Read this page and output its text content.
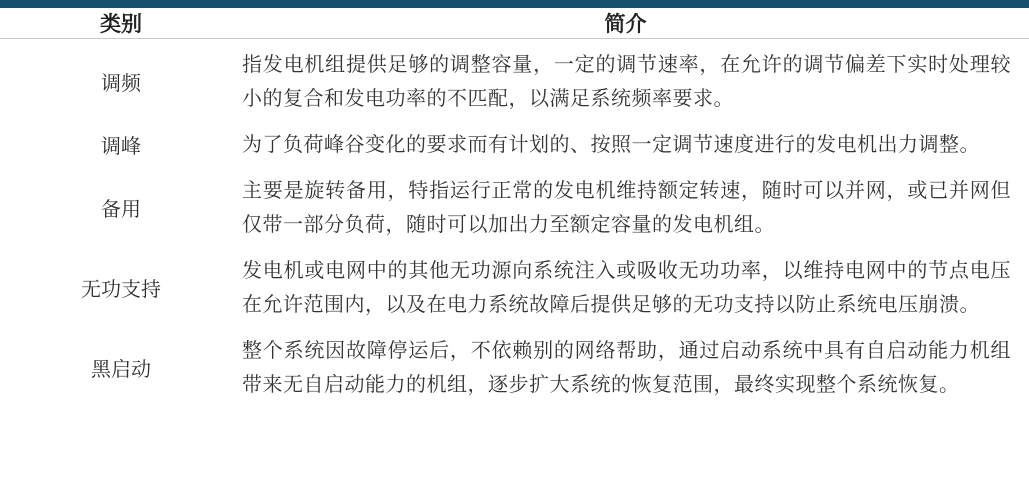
类别	简介
调频
指发电机组提供足够的调整容量，一定的调节速率，在允许的调节偏差下实时处理较小的复合和发电功率的不匹配，以满足系统频率要求。
调峰	为了负荷峰谷变化的要求而有计划的、按照一定调节速度进行的发电机出力调整。
备用
主要是旋转备用，特指运行正常的发电机维持额定转速，随时可以并网，或已并网但仅带一部分负荷，随时可以加出力至额定容量的发电机组。
无功支持
发电机或电网中的其他无功源向系统注入或吸收无功功率，以维持电网中的节点电压在允许范围内，以及在电力系统故障后提供足够的无功支持以防止系统电压崩溃。
黑启动
整个系统因故障停运后，不依赖别的网络帮助，通过启动系统中具有自启动能力机组带来无自启动能力的机组，逐步扩大系统的恢复范围，最终实现整个系统恢复。
